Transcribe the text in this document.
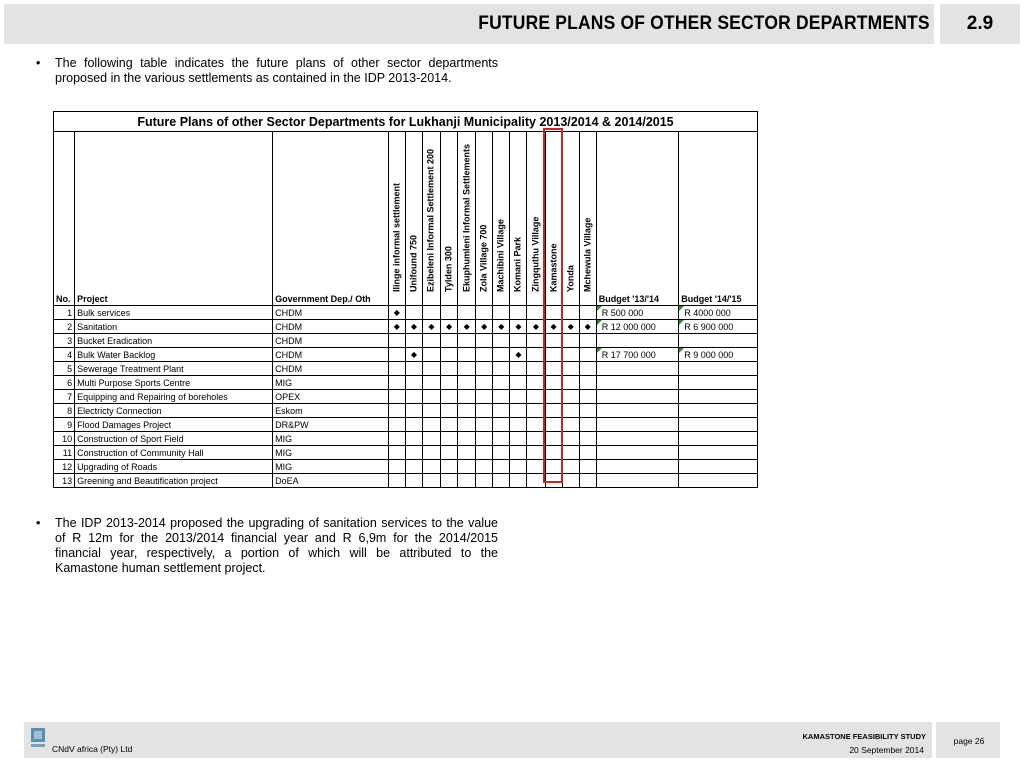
FUTURE PLANS OF OTHER SECTOR DEPARTMENTS	2.9
• The following table indicates the future plans of other sector departments proposed in the various settlements as contained in the IDP 2013-2014.
Future Plans of other Sector Departments for Lukhanji Municipality 2013/2014 & 2014/2015																
No.	Project	Government Dep./ Oth	Ilinge informal settlement	Unifound 750	Ezibeleni Informal Settlement 200	Tylden 300	Ekuphumleni Informal Settlements	Zola Village 700	Machibini Village	Komani Park	Zingquthu Village	Kamastone	Yonda	Mchewula Village	Budget '13/'14	Budget '14/'15
1	Bulk services	CHDM	◆												R 500 000	R 4000 000
2	Sanitation	CHDM	◆	◆	◆	◆	◆	◆	◆	◆	◆	◆	◆	◆	R 12 000 000	R 6 900 000
3	Bucket Eradication	CHDM														
4	Bulk Water Backlog	CHDM		◆						◆					R 17 700 000	R 9 000 000
5	Sewerage Treatment Plant	CHDM														
6	Multi Purpose Sports Centre	MIG														
7	Equipping and Repairing of boreholes	OPEX														
8	Electricty Connection	Eskom														
9	Flood Damages Project	DR&PW														
10	Construction of Sport Field	MIG														
11	Construction of Community Hall	MIG														
12	Upgrading of Roads	MIG														
13	Greening and Beautification project	DoEA														
• The IDP 2013-2014 proposed the upgrading of sanitation services to the value of R 12m for the 2013/2014 financial year and R 6,9m for the 2014/2015 financial year, respectively, a portion of which will be attributed to the Kamastone human settlement project.
CNdV africa (Pty) Ltd
KAMASTONE FEASIBILITY STUDY
20 September 2014
page 26
